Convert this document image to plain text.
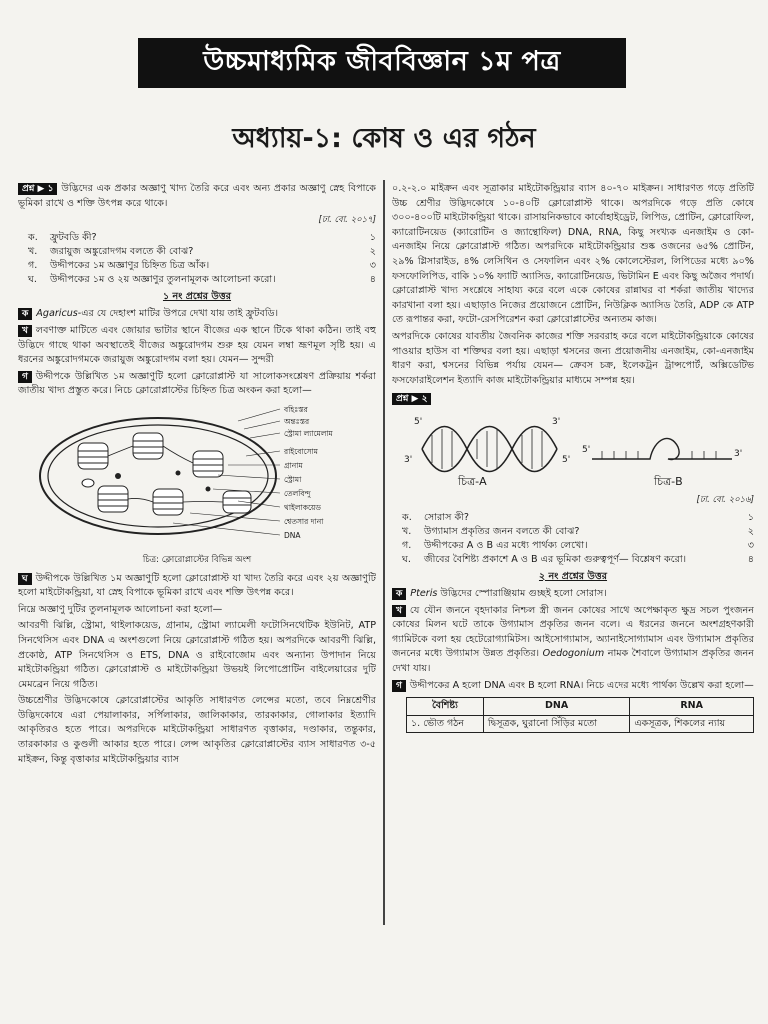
উচ্চমাধ্যমিক জীববিজ্ঞান ১ম পত্র
অধ্যায়-১: কোষ ও এর গঠন

প্রশ্ন ▶ ১ উদ্ভিদের এক প্রকার অজ্ঞাণু খাদ্য তৈরি করে এবং অন্য প্রকার অজ্ঞাণু স্নেহ বিপাকে ভূমিকা রাখে ও শক্তি উৎপন্ন করে থাকে।

[ঢা. বো. ২০১৭]

ক.	ফ্রুটবডি কী?	১
খ.	জরায়ুজ অঙ্কুরোদগম বলতে কী বোঝ?	২
গ.	উদ্দীপকের ১ম অজ্ঞাণুর চিহ্নিত চিত্র আঁক।	৩
ঘ.	উদ্দীপকের ১ম ও ২য় অজ্ঞাণুর তুলনামূলক আলোচনা করো।	৪
১ নং প্রশ্নের উত্তর

ক Agaricus-এর যে দেহাংশ মাটির উপরে দেখা যায় তাই ফ্রুটবডি।

খ লবণাক্ত মাটিতে এবং জোয়ার ভাটার স্থানে বীজের এক স্থানে টিকে থাকা কঠিন। তাই বহু উদ্ভিদে গাছে থাকা অবস্থাতেই বীজের অঙ্কুরোদগম শুরু হয় যেমন লম্বা ভ্রূণমূল সৃষ্টি হয়। এ ধরনের অঙ্কুরোদগমকে জরায়ুজ অঙ্কুরোদগম বলা হয়। যেমন— সুন্দরী

গ উদ্দীপকে উল্লিখিত ১ম অজ্ঞাণুটি হলো ক্লোরোপ্লাস্ট যা সালোকসংশ্লেষণ প্রক্রিয়ায় শর্করা জাতীয় খাদ্য প্রস্তুত করে। নিচে ক্লোরোপ্লাস্টের চিহ্নিত চিত্র অংকন করা হলো—

বহিঃস্তর
অন্তঃস্তর
স্ট্রোমা ল্যামেলাম
রাইবোসোম
গ্রানাম
স্ট্রোমা
তেলবিন্দু
থাইলাকয়েড
শ্বেতসার দানা
DNA

চিত্র: ক্লোরোপ্লাস্টের বিভিন্ন অংশ

ঘ উদ্দীপকে উল্লিখিত ১ম অজ্ঞাণুটি হলো ক্লোরোপ্লাস্ট যা খাদ্য তৈরি করে এবং ২য় অজ্ঞাণুটি হলো মাইটোকন্ড্রিয়া, যা স্নেহ বিপাকে ভূমিকা রাখে এবং শক্তি উৎপন্ন করে।

নিম্নে অজ্ঞাণু দুটির তুলনামূলক আলোচনা করা হলো—

আবরণী ঝিল্লি, স্ট্রোমা, থাইলাকয়েড, গ্রানাম, স্ট্রোমা ল্যামেলী ফটোসিনথেটিক ইউনিট, ATP সিনথেসিস এবং DNA এ অংশগুলো নিয়ে ক্লোরোপ্লাস্ট গঠিত হয়। অপরদিকে আবরণী ঝিল্লি, প্রকোষ্ঠ, ATP সিনথেসিস ও ETS, DNA ও রাইবোজোম এবং অন্যান্য উপাদান নিয়ে মাইটোকন্ড্রিয়া গঠিত। ক্লোরোপ্লাস্ট ও মাইটোকন্ড্রিয়া উভয়ই লিপোপ্রোটিন বাইলেয়ারের দুটি মেমব্রেন নিয়ে গঠিত।

উচ্চশ্রেণীর উদ্ভিদকোষে ক্লোরোপ্লাস্টের আকৃতি সাধারণত লেন্সের মতো, তবে নিম্নশ্রেণীর উদ্ভিদকোষে এরা পেয়ালাকার, সর্পিলাকার, জালিকাকার, তারকাকার, গোলাকার ইত্যাদি আকৃতিরও হতে পারে। অপরদিকে মাইটোকন্ড্রিয়া সাধারণত বৃত্তাকার, দণ্ডাকার, তন্তুকার, তারকাকার ও কুণ্ডলী আকার হতে পারে। লেন্স আকৃতির ক্লোরোপ্লাস্টের ব্যাস সাধারণত ৩-৫ মাইক্রন, কিন্তু বৃত্তাকার মাইটোকন্ড্রিয়ার ব্যাস

০.২-২.০ মাইক্রন এবং সূত্রাকার মাইটোকন্ড্রিয়ার ব্যাস ৪০-৭০ মাইক্রন। সাধারণত গড়ে প্রতিটি উচ্চ শ্রেণীর উদ্ভিদকোষে ১০-৪০টি ক্লোরোপ্লাস্ট থাকে। অপরদিকে গড়ে প্রতি কোষে ৩০০-৪০০টি মাইটোকন্ড্রিয়া থাকে। রাসায়নিকভাবে কার্বোহাইড্রেট, লিপিড, প্রোটিন, ক্লোরোফিল, ক্যারোটিনয়েড (ক্যারোটিন ও জ্যান্থোফিল) DNA, RNA, কিছু সংখ্যক এনজাইম ও কো-এনজাইম নিয়ে ক্লোরোপ্লাস্ট গঠিত। অপরদিকে মাইটোকন্ড্রিয়ার শুষ্ক ওজনের ৬৫% প্রোটিন, ২৯% গ্লিসারাইড, ৪% লেসিথিন ও সেফালিন এবং ২% কোলেস্টেরল, লিপিডের মধ্যে ৯০% ফসফোলিপিড, বাকি ১০% ফ্যাটি অ্যাসিড, ক্যারোটিনয়েড, ভিটামিন E এবং কিছু অজৈব পদার্থ। ক্লোরোপ্লাস্ট খাদ্য সংশ্লেষে সাহায্য করে বলে একে কোষের রান্নাঘর বা শর্করা জাতীয় খাদ্যের কারখানা বলা হয়। এছাড়াও নিজের প্রয়োজনে প্রোটিন, নিউক্লিক অ্যাসিড তৈরি, ADP কে ATP তে রূপান্তর করা, ফটো-রেসপিরেশন করা ক্লোরোপ্লাস্টের অন্যতম কাজ।

অপরদিকে কোষের যাবতীয় জৈবনিক কাজের শক্তি সরবরাহ করে বলে মাইটোকন্ড্রিয়াকে কোষের পাওয়ার হাউস বা শক্তিঘর বলা হয়। এছাড়া শ্বসনের জন্য প্রয়োজনীয় এনজাইম, কো-এনজাইম ধারণ করা, শ্বসনের বিভিন্ন পর্যায় যেমন— ক্রেবস চক্র, ইলেকট্রন ট্রান্সপোর্ট, অক্সিডেটিভ ফসফোরাইলেশন ইত্যাদি কাজ মাইটোকন্ড্রিয়ার মাধ্যমে সম্পন্ন হয়।

প্রশ্ন ▶ ২

5'
3'
3'
5'
5'	3'
চিত্র-A	চিত্র-B

[ঢা. বো. ২০১৬]

ক.	সোরাস কী?	১
খ.	উগ্যামাস প্রকৃতির জনন বলতে কী বোঝ?	২
গ.	উদ্দীপকের A ও B এর মধ্যে পার্থক্য লেখো।	৩
ঘ.	জীবের বৈশিষ্ট্য প্রকাশে A ও B এর ভূমিকা গুরুত্বপূর্ণ— বিশ্লেষণ করো।	৪
২ নং প্রশ্নের উত্তর

ক Pteris উদ্ভিদের স্পোরাঞ্জিয়াম গুচ্ছই হলো সোরাস।

খ যে যৌন জননে বৃহদাকার নিশ্চল স্ত্রী জনন কোষের সাথে অপেক্ষাকৃত ক্ষুদ্র সচল পুংজনন কোষের মিলন ঘটে তাকে উগ্যামাস প্রকৃতির জনন বলে। এ ধরনের জননে অংশগ্রহণকারী গ্যামিটকে বলা হয় হেটেরোগ্যামিটস। আইসোগ্যামাস, অ্যানাইসোগ্যামাস এবং উগ্যামাস প্রকৃতির জননের মধ্যে উগ্যামাস উন্নত প্রকৃতির। Oedogonium নামক শৈবালে উগ্যামাস প্রকৃতির জনন দেখা যায়।

গ উদ্দীপকের A হলো DNA এবং B হলো RNA। নিচে এদের মধ্যে পার্থক্য উল্লেখ করা হলো—

বৈশিষ্ট্য	DNA	RNA
১. ভৌত গঠন	দ্বিসূত্রক, ঘুরানো সিঁড়ির মতো	একসূত্রক, শিকলের ন্যায়
